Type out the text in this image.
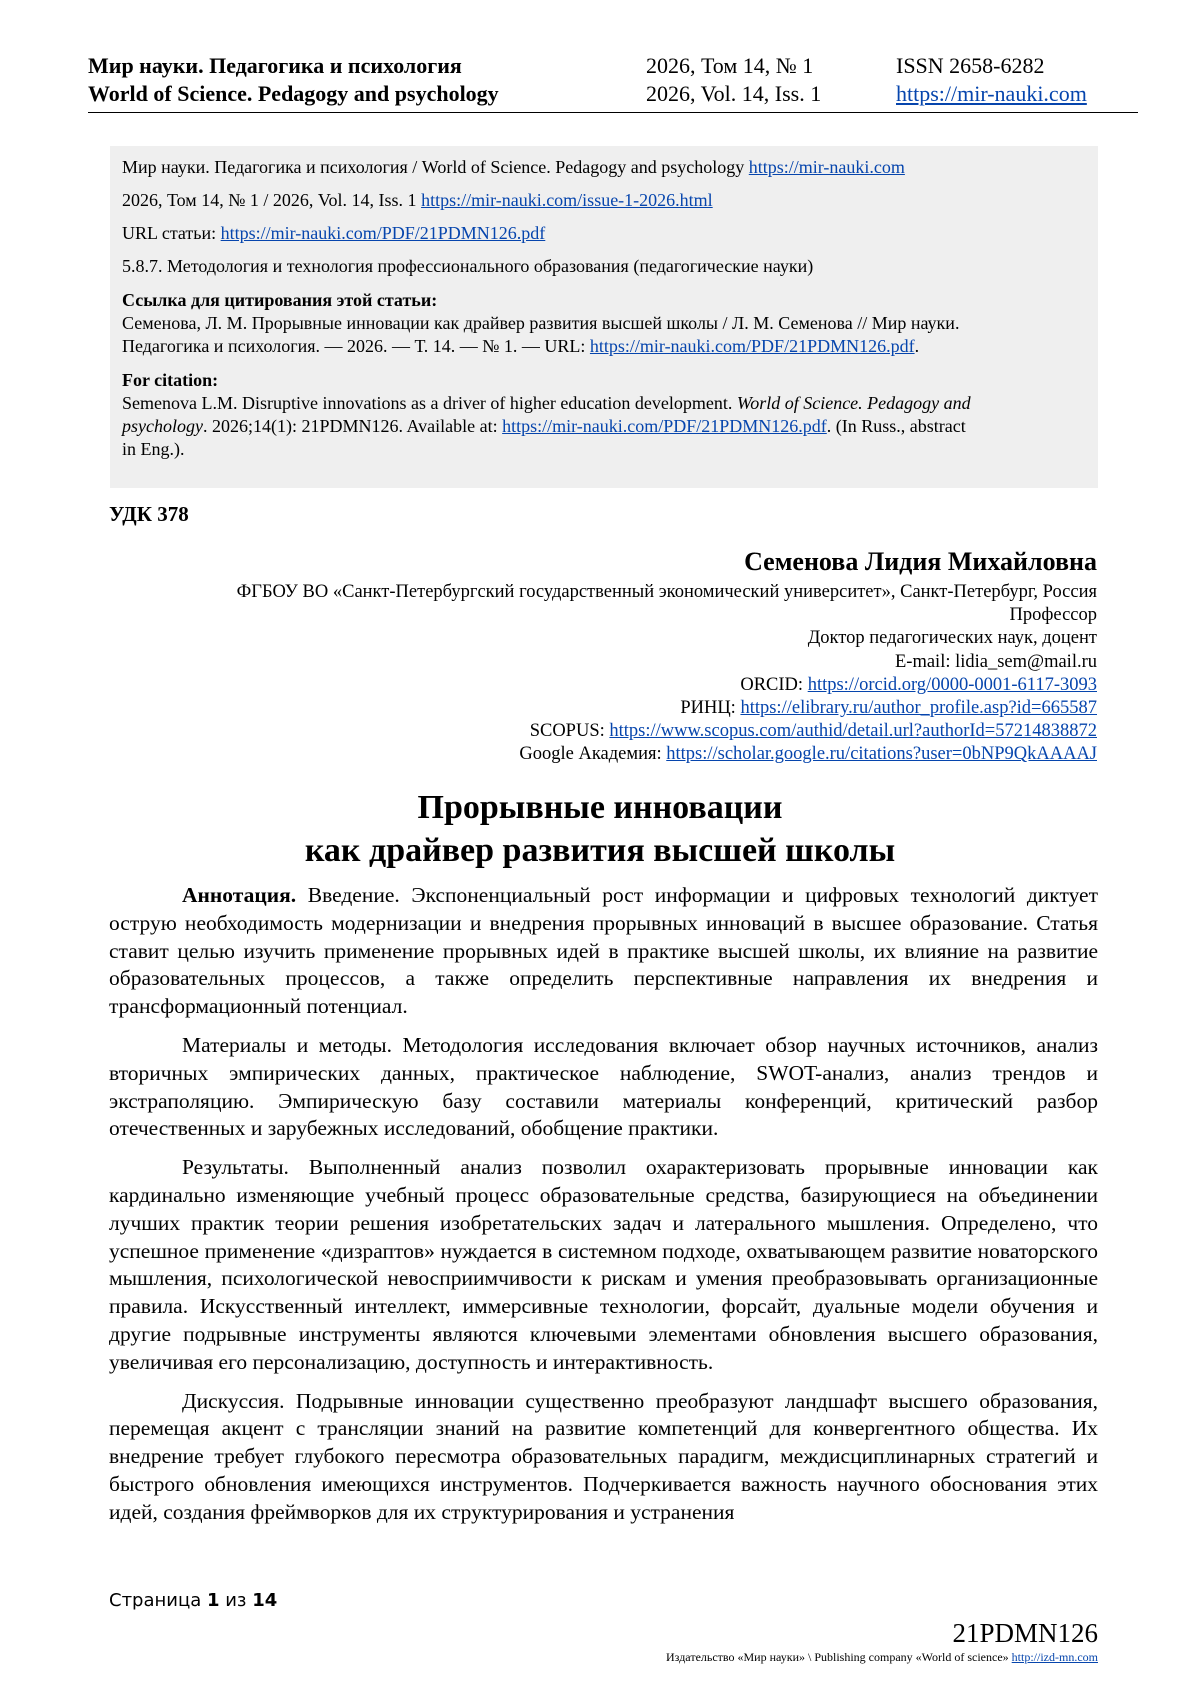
Мир науки. Педагогика и психология
World of Science. Pedagogy and psychology
2026, Том 14, № 1
2026, Vol. 14, Iss. 1
ISSN 2658-6282
https://mir-nauki.com
Мир науки. Педагогика и психология / World of Science. Pedagogy and psychology https://mir-nauki.com
2026, Том 14, № 1 / 2026, Vol. 14, Iss. 1 https://mir-nauki.com/issue-1-2026.html
URL статьи: https://mir-nauki.com/PDF/21PDMN126.pdf
5.8.7. Методология и технология профессионального образования (педагогические науки)
Ссылка для цитирования этой статьи:
Семенова, Л. М. Прорывные инновации как драйвер развития высшей школы / Л. М. Семенова // Мир науки.
Педагогика и психология. — 2026. — Т. 14. — № 1. — URL: https://mir-nauki.com/PDF/21PDMN126.pdf.
For citation:
Semenova L.M. Disruptive innovations as a driver of higher education development. World of Science. Pedagogy and
psychology. 2026;14(1): 21PDMN126. Available at: https://mir-nauki.com/PDF/21PDMN126.pdf. (In Russ., abstract
in Eng.).
УДК 378
Семенова Лидия Михайловна
ФГБОУ ВО «Санкт-Петербургский государственный экономический университет», Санкт-Петербург, Россия
Профессор
Доктор педагогических наук, доцент
E-mail: lidia_sem@mail.ru
ORCID: https://orcid.org/0000-0001-6117-3093
РИНЦ: https://elibrary.ru/author_profile.asp?id=665587
SCOPUS: https://www.scopus.com/authid/detail.url?authorId=57214838872
Google Академия: https://scholar.google.ru/citations?user=0bNP9QkAAAAJ
Прорывные инновации
как драйвер развития высшей школы

Аннотация. Введение. Экспоненциальный рост информации и цифровых технологий диктует острую необходимость модернизации и внедрения прорывных инноваций в высшее образование. Статья ставит целью изучить применение прорывных идей в практике высшей школы, их влияние на развитие образовательных процессов, а также определить перспективные направления их внедрения и трансформационный потенциал.

Материалы и методы. Методология исследования включает обзор научных источников, анализ вторичных эмпирических данных, практическое наблюдение, SWOT-анализ, анализ трендов и экстраполяцию. Эмпирическую базу составили материалы конференций, критический разбор отечественных и зарубежных исследований, обобщение практики.

Результаты. Выполненный анализ позволил охарактеризовать прорывные инновации как кардинально изменяющие учебный процесс образовательные средства, базирующиеся на объединении лучших практик теории решения изобретательских задач и латерального мышления. Определено, что успешное применение «дизраптов» нуждается в системном подходе, охватывающем развитие новаторского мышления, психологической невосприимчивости к рискам и умения преобразовывать организационные правила. Искусственный интеллект, иммерсивные технологии, форсайт, дуальные модели обучения и другие подрывные инструменты являются ключевыми элементами обновления высшего образования, увеличивая его персонализацию, доступность и интерактивность.

Дискуссия. Подрывные инновации существенно преобразуют ландшафт высшего образования, перемещая акцент с трансляции знаний на развитие компетенций для конвергентного общества. Их внедрение требует глубокого пересмотра образовательных парадигм, междисциплинарных стратегий и быстрого обновления имеющихся инструментов. Подчеркивается важность научного обоснования этих идей, создания фреймворков для их структурирования и устранения

Страница 1 из 14
21PDMN126
Издательство «Мир науки» \ Publishing company «World of science» http://izd-mn.com
